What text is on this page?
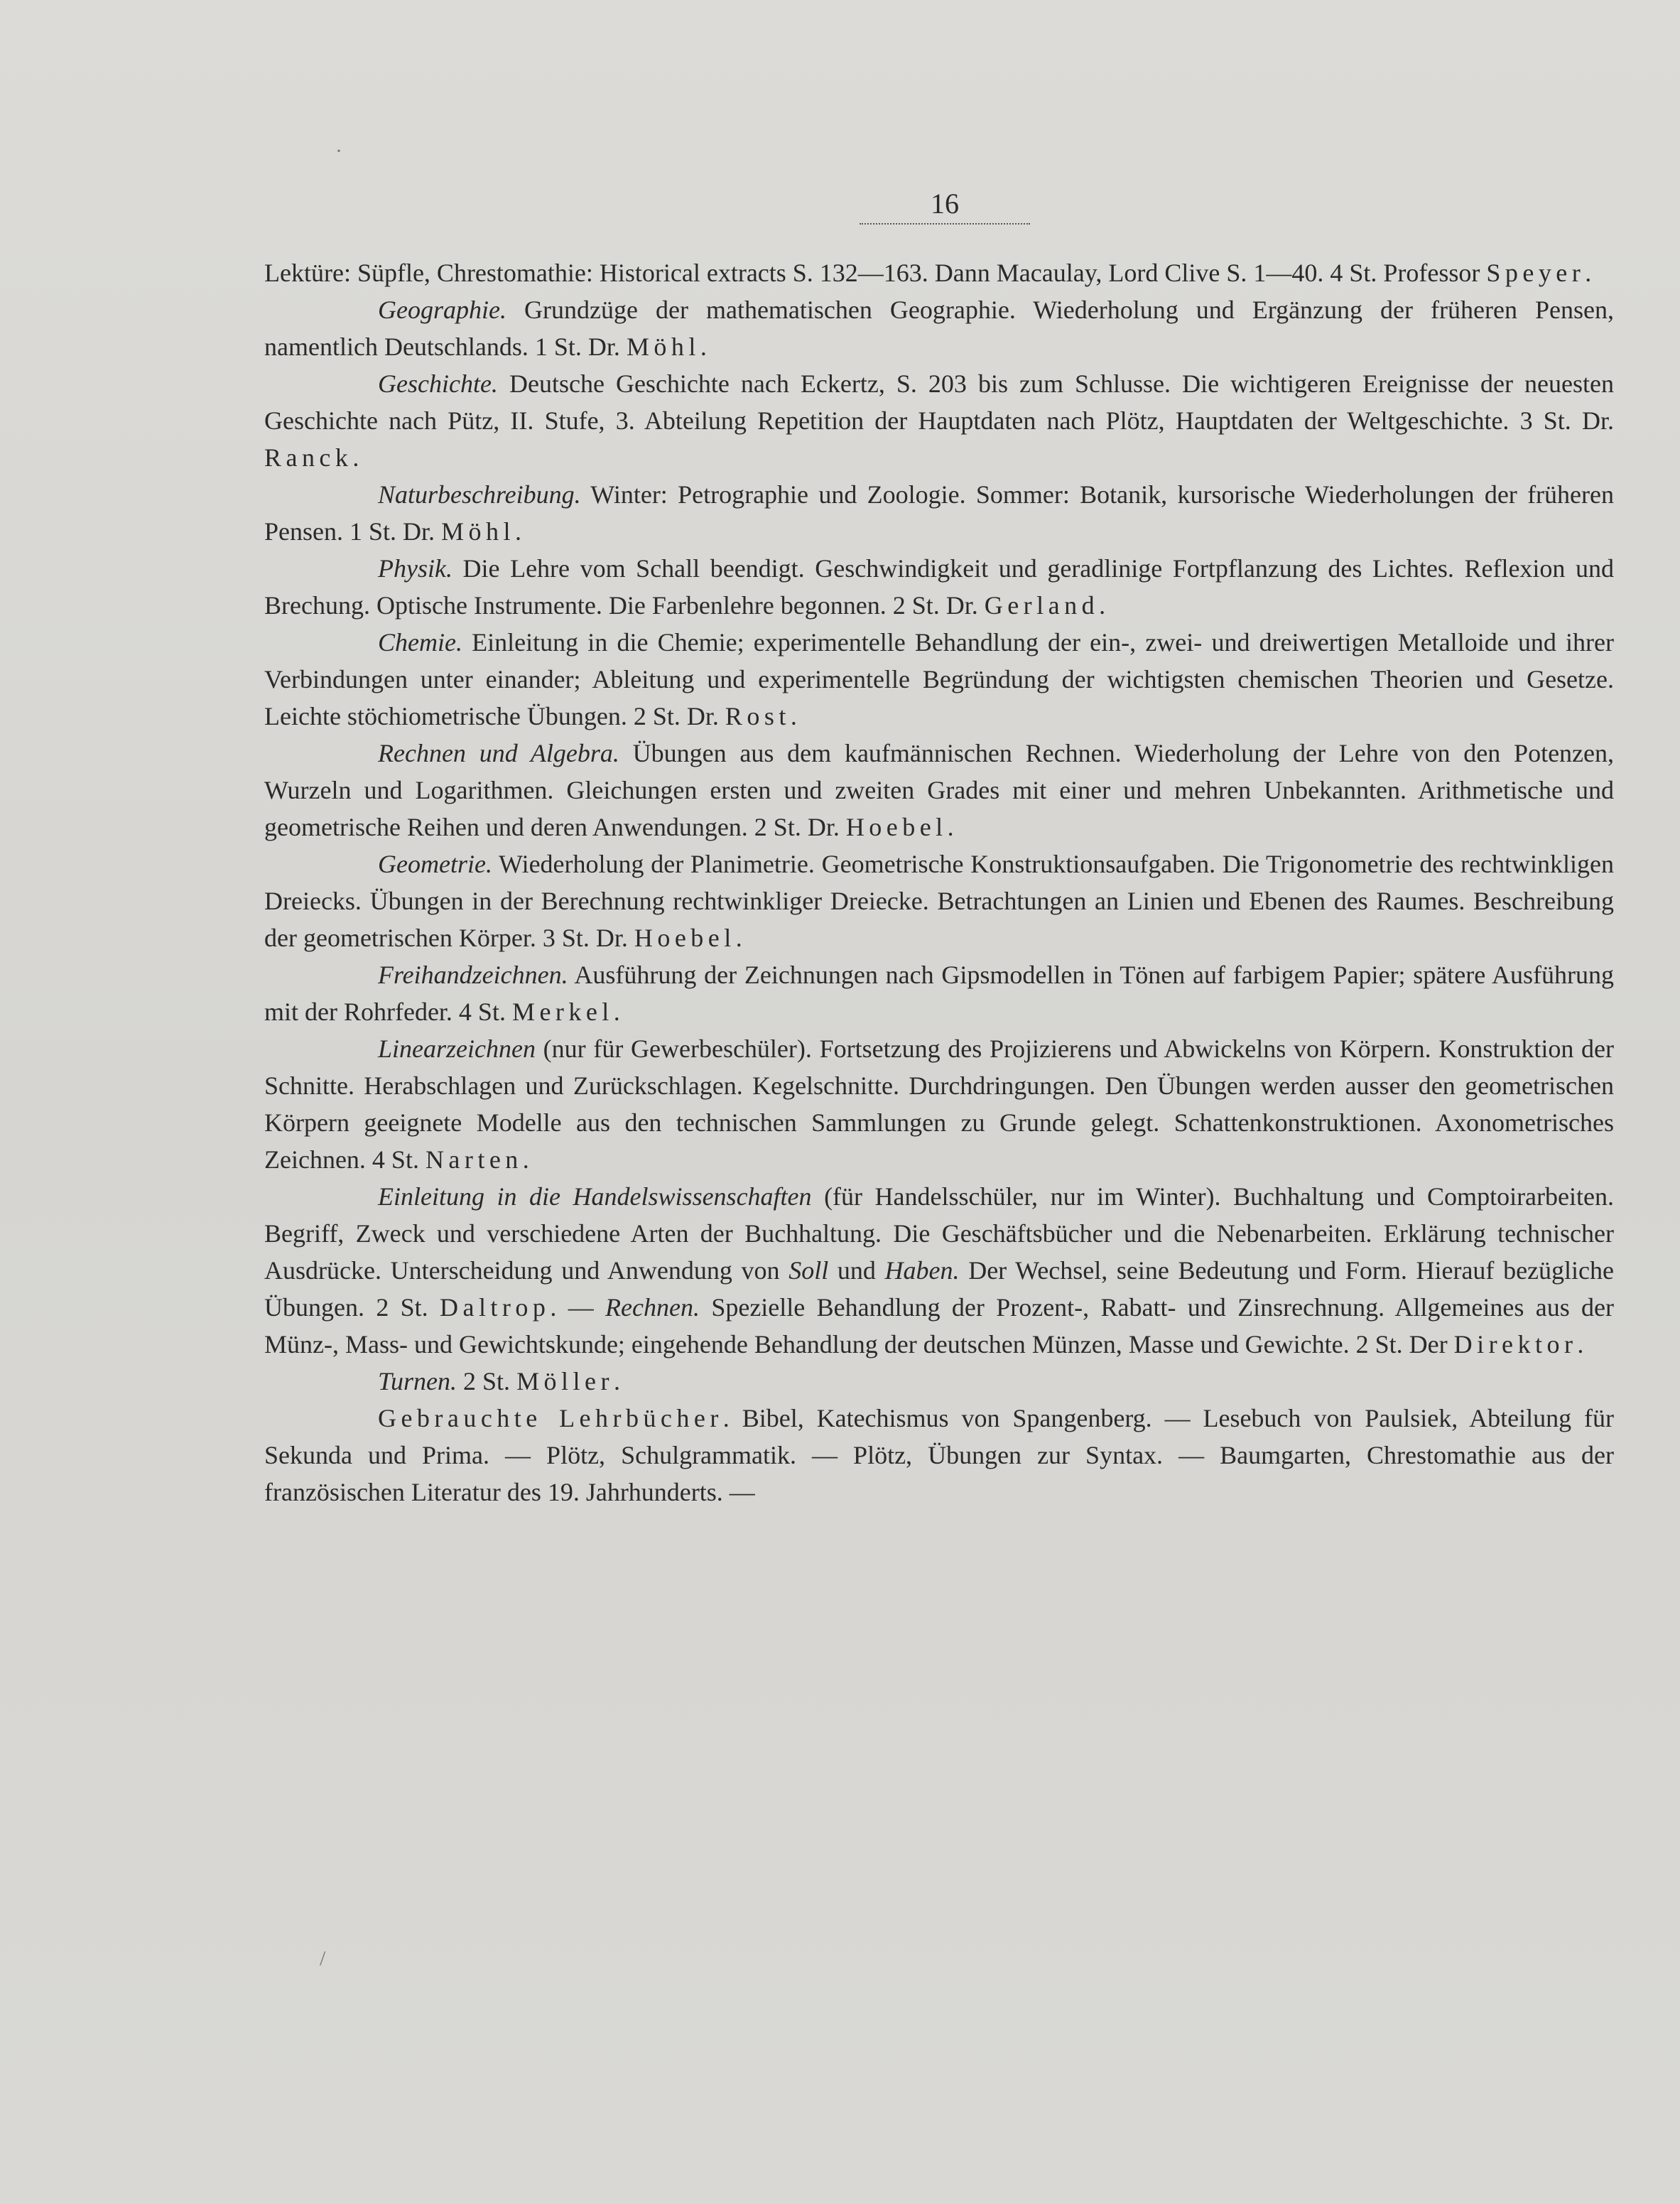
·
/
16

Lektüre: Süpfle, Chrestomathie: Historical extracts S. 132—163. Dann Macaulay, Lord Clive S. 1—40. 4 St. Professor Speyer.

Geographie. Grundzüge der mathematischen Geographie. Wiederholung und Ergänzung der früheren Pensen, namentlich Deutschlands. 1 St. Dr. Möhl.

Geschichte. Deutsche Geschichte nach Eckertz, S. 203 bis zum Schlusse. Die wichtigeren Ereignisse der neuesten Geschichte nach Pütz, II. Stufe, 3. Abteilung Repetition der Hauptdaten nach Plötz, Hauptdaten der Weltgeschichte. 3 St. Dr. Ranck.

Naturbeschreibung. Winter: Petrographie und Zoologie. Sommer: Botanik, kursorische Wiederholungen der früheren Pensen. 1 St. Dr. Möhl.

Physik. Die Lehre vom Schall beendigt. Geschwindigkeit und geradlinige Fortpflanzung des Lichtes. Reflexion und Brechung. Optische Instrumente. Die Farbenlehre begonnen. 2 St. Dr. Gerland.

Chemie. Einleitung in die Chemie; experimentelle Behandlung der ein-, zwei- und dreiwertigen Metalloide und ihrer Verbindungen unter einander; Ableitung und experimentelle Begründung der wichtigsten chemischen Theorien und Gesetze. Leichte stöchiometrische Übungen. 2 St. Dr. Rost.

Rechnen und Algebra. Übungen aus dem kaufmännischen Rechnen. Wiederholung der Lehre von den Potenzen, Wurzeln und Logarithmen. Gleichungen ersten und zweiten Grades mit einer und mehren Unbekannten. Arithmetische und geometrische Reihen und deren Anwendungen. 2 St. Dr. Hoebel.

Geometrie. Wiederholung der Planimetrie. Geometrische Konstruktionsaufgaben. Die Trigonometrie des rechtwinkligen Dreiecks. Übungen in der Berechnung rechtwinkliger Dreiecke. Betrachtungen an Linien und Ebenen des Raumes. Beschreibung der geometrischen Körper. 3 St. Dr. Hoebel.

Freihandzeichnen. Ausführung der Zeichnungen nach Gipsmodellen in Tönen auf farbigem Papier; spätere Ausführung mit der Rohrfeder. 4 St. Merkel.

Linearzeichnen (nur für Gewerbeschüler). Fortsetzung des Projizierens und Abwickelns von Körpern. Konstruktion der Schnitte. Herabschlagen und Zurückschlagen. Kegelschnitte. Durchdringungen. Den Übungen werden ausser den geometrischen Körpern geeignete Modelle aus den technischen Sammlungen zu Grunde gelegt. Schattenkonstruktionen. Axonometrisches Zeichnen. 4 St. Narten.

Einleitung in die Handelswissenschaften (für Handelsschüler, nur im Winter). Buchhaltung und Comptoirarbeiten. Begriff, Zweck und verschiedene Arten der Buchhaltung. Die Geschäftsbücher und die Nebenarbeiten. Erklärung technischer Ausdrücke. Unterscheidung und Anwendung von Soll und Haben. Der Wechsel, seine Bedeutung und Form. Hierauf bezügliche Übungen. 2 St. Daltrop. — Rechnen. Spezielle Behandlung der Prozent-, Rabatt- und Zinsrechnung. Allgemeines aus der Münz-, Mass- und Gewichtskunde; eingehende Behandlung der deutschen Münzen, Masse und Gewichte. 2 St. Der Direktor.

Turnen. 2 St. Möller.

Gebrauchte Lehrbücher. Bibel, Katechismus von Spangenberg. — Lesebuch von Paulsiek, Abteilung für Sekunda und Prima. — Plötz, Schulgrammatik. — Plötz, Übungen zur Syntax. — Baumgarten, Chrestomathie aus der französischen Literatur des 19. Jahrhunderts. —
